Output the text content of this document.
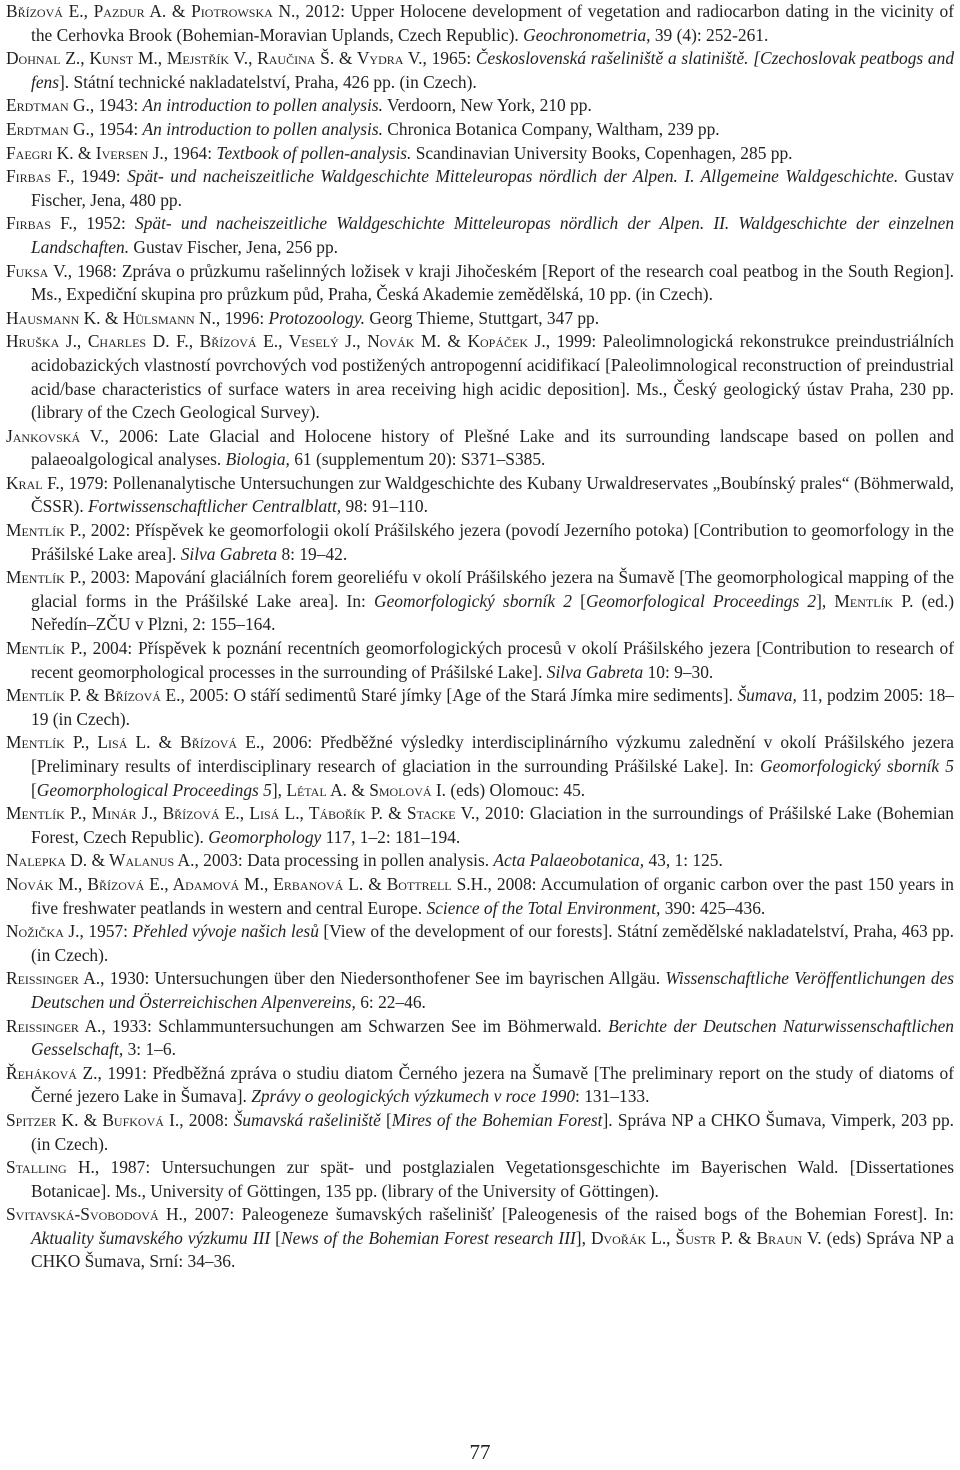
Břízová E., Pazdur A. & Piotrowska N., 2012: Upper Holocene development of vegetation and radiocarbon dating in the vicinity of the Cerhovka Brook (Bohemian-Moravian Uplands, Czech Republic). Geochronometria, 39 (4): 252-261.

Dohnal Z., Kunst M., Mejstřík V., Raučina Š. & Vydra V., 1965: Československá rašeliniště a slatiniště. [Czechoslovak peatbogs and fens]. Státní technické nakladatelství, Praha, 426 pp. (in Czech).

Erdtman G., 1943: An introduction to pollen analysis. Verdoorn, New York, 210 pp.

Erdtman G., 1954: An introduction to pollen analysis. Chronica Botanica Company, Waltham, 239 pp.

Faegri K. & Iversen J., 1964: Textbook of pollen-analysis. Scandinavian University Books, Copenhagen, 285 pp.

Firbas F., 1949: Spät- und nacheiszeitliche Waldgeschichte Mitteleuropas nördlich der Alpen. I. Allgemeine Waldgeschichte. Gustav Fischer, Jena, 480 pp.

Firbas F., 1952: Spät- und nacheiszeitliche Waldgeschichte Mitteleuropas nördlich der Alpen. II. Waldgeschichte der einzelnen Landschaften. Gustav Fischer, Jena, 256 pp.

Fuksa V., 1968: Zpráva o průzkumu rašelinných ložisek v kraji Jihočeském [Report of the research coal peatbog in the South Region]. Ms., Expediční skupina pro průzkum půd, Praha, Česká Akademie zemědělská, 10 pp. (in Czech).

Hausmann K. & Hülsmann N., 1996: Protozoology. Georg Thieme, Stuttgart, 347 pp.

Hruška J., Charles D. F., Břízová E., Veselý J., Novák M. & Kopáček J., 1999: Paleolimnologická rekonstrukce preindustriálních acidobazických vlastností povrchových vod postižených antropogenní acidifikací [Paleolimnological reconstruction of preindustrial acid/base characteristics of surface waters in area receiving high acidic deposition]. Ms., Český geologický ústav Praha, 230 pp. (library of the Czech Geological Survey).

Jankovská V., 2006: Late Glacial and Holocene history of Plešné Lake and its surrounding landscape based on pollen and palaeoalgological analyses. Biologia, 61 (supplementum 20): S371–S385.

Kral F., 1979: Pollenanalytische Untersuchungen zur Waldgeschichte des Kubany Urwaldreservates „Boubínský prales“ (Böhmerwald, ČSSR). Fortwissenschaftlicher Centralblatt, 98: 91–110.

Mentlík P., 2002: Příspěvek ke geomorfologii okolí Prášilského jezera (povodí Jezerního potoka) [Contribution to geomorfology in the Prášilské Lake area]. Silva Gabreta 8: 19–42.

Mentlík P., 2003: Mapování glaciálních forem georeliéfu v okolí Prášilského jezera na Šumavě [The geomorphological mapping of the glacial forms in the Prášilské Lake area]. In: Geomorfologický sborník 2 [Geomorfological Proceedings 2], Mentlík P. (ed.) Neředín–ZČU v Plzni, 2: 155–164.

Mentlík P., 2004: Příspěvek k poznání recentních geomorfologických procesů v okolí Prášilského jezera [Contribution to research of recent geomorphological processes in the surrounding of Prášilské Lake]. Silva Gabreta 10: 9–30.

Mentlík P. & Břízová E., 2005: O stáří sedimentů Staré jímky [Age of the Stará Jímka mire sediments]. Šumava, 11, podzim 2005: 18–19 (in Czech).

Mentlík P., Lisá L. & Břízová E., 2006: Předběžné výsledky interdisciplinárního výzkumu zalednění v okolí Prášilského jezera [Preliminary results of interdisciplinary research of glaciation in the surrounding Prášilské Lake]. In: Geomorfologický sborník 5 [Geomorphological Proceedings 5], Létal A. & Smolová I. (eds) Olomouc: 45.

Mentlík P., Minár J., Břízová E., Lisá L., Tábořík P. & Stacke V., 2010: Glaciation in the surroundings of Prášilské Lake (Bohemian Forest, Czech Republic). Geomorphology 117, 1–2: 181–194.

Nalepka D. & Walanus A., 2003: Data processing in pollen analysis. Acta Palaeobotanica, 43, 1: 125.

Novák M., Břízová E., Adamová M., Erbanová L. & Bottrell S.H., 2008: Accumulation of organic carbon over the past 150 years in five freshwater peatlands in western and central Europe. Science of the Total Environment, 390: 425–436.

Nožička J., 1957: Přehled vývoje našich lesů [View of the development of our forests]. Státní zemědělské nakladatelství, Praha, 463 pp. (in Czech).

Reissinger A., 1930: Untersuchungen über den Niedersonthofener See im bayrischen Allgäu. Wissenschaftliche Veröffentlichungen des Deutschen und Österreichischen Alpenvereins, 6: 22–46.

Reissinger A., 1933: Schlammuntersuchungen am Schwarzen See im Böhmerwald. Berichte der Deutschen Naturwissenschaftlichen Gesselschaft, 3: 1–6.

Řeháková Z., 1991: Předběžná zpráva o studiu diatom Černého jezera na Šumavě [The preliminary report on the study of diatoms of Černé jezero Lake in Šumava]. Zprávy o geologických výzkumech v roce 1990: 131–133.

Spitzer K. & Bufková I., 2008: Šumavská rašeliniště [Mires of the Bohemian Forest]. Správa NP a CHKO Šumava, Vimperk, 203 pp. (in Czech).

Stalling H., 1987: Untersuchungen zur spät- und postglazialen Vegetationsgeschichte im Bayerischen Wald. [Dissertationes Botanicae]. Ms., University of Göttingen, 135 pp. (library of the University of Göttingen).

Svitavská-Svobodová H., 2007: Paleogeneze šumavských rašelinišť [Paleogenesis of the raised bogs of the Bohemian Forest]. In: Aktuality šumavského výzkumu III [News of the Bohemian Forest research III], Dvořák L., Šustr P. & Braun V. (eds) Správa NP a CHKO Šumava, Srní: 34–36.

77
